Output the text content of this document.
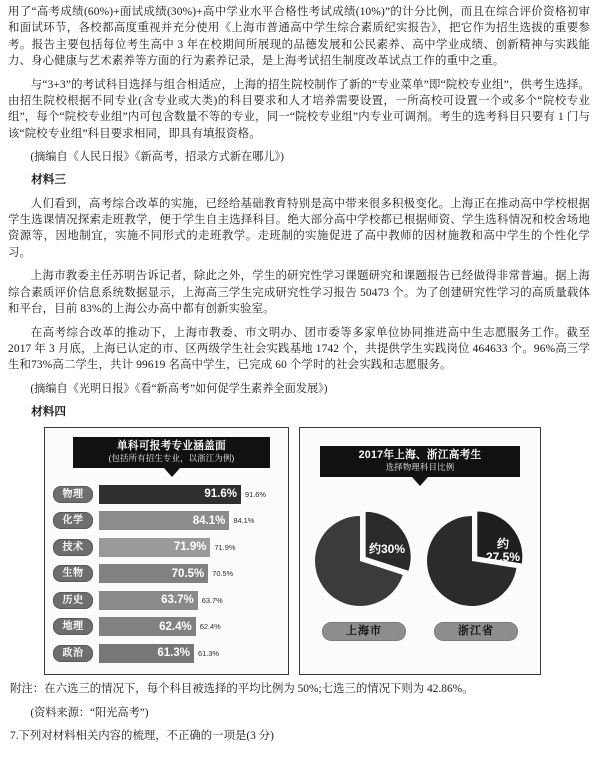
用了“高考成绩(60%)+面试成绩(30%)+高中学业水平合格性考试成绩(10%)”的计分比例，而且在综合评价资格初审和面试环节，各校都高度重视并充分使用《上海市普通高中学生综合素质纪实报告》，把它作为招生选拔的重要参考。报告主要包括每位考生高中 3 年在校期间所展现的品德发展和公民素养、高中学业成绩、创新精神与实践能力、身心健康与艺术素养等方面的行为素养记录，是上海考试招生制度改革试点工作的重中之重。

与“3+3”的考试科目选择与组合相适应，上海的招生院校制作了新的“专业菜单”即“院校专业组”，供考生选择。由招生院校根据不同专业(含专业或大类)的科目要求和人才培养需要设置，一所高校可设置一个或多个“院校专业组”，每个“院校专业组”内可包含数量不等的专业，同一“院校专业组”内专业可调剂。考生的选考科目只要有 1 门与该“院校专业组”科目要求相同，即具有填报资格。

(摘编自《人民日报》《新高考，招录方式新在哪儿》)

材料三

人们看到，高考综合改革的实施，已经给基础教育特别是高中带来很多积极变化。上海正在推动高中学校根据学生选课情况探索走班教学，便于学生自主选择科目。绝大部分高中学校都已根据师资、学生选科情况和校舍场地资源等，因地制宜，实施不同形式的走班教学。走班制的实施促进了高中教师的因材施教和高中学生的个性化学习。

上海市教委主任苏明告诉记者，除此之外，学生的研究性学习课题研究和课题报告已经做得非常普遍。据上海综合素质评价信息系统数据显示，上海高三学生完成研究性学习报告 50473 个。为了创建研究性学习的高质量载体和平台，目前 83%的上海公办高中都有创新实验室。

在高考综合改革的推动下，上海市教委、市文明办、团市委等多家单位协同推进高中生志愿服务工作。截至 2017 年 3 月底，上海已认定的市、区两级学生社会实践基地 1742 个，共提供学生实践岗位 464633 个。96%高三学生和73%高二学生，共计 99619 名高中学生，已完成 60 个学时的社会实践和志愿服务。

(摘编自《光明日报》《看“新高考”如何促学生素养全面发展》)

材料四

单科可报考专业涵盖面
(包括所有招生专业，以浙江为例)
物理	91.6% 91.6%
化学	84.1% 84.1%
技术	71.9% 71.9%
生物	70.5% 70.5%
历史	63.7% 63.7%
地理	62.4% 62.4%
政治	61.3% 61.3%
2017年上海、浙江高考生
选择物理科目比例
约30%
上海市
约
27.5%
浙江省

附注：在六选三的情况下，每个科目被选择的平均比例为 50%;七选三的情况下则为 42.86%。

(资料来源：“阳光高考”)

7.下列对材料相关内容的梳理，不正确的一项是(3 分)
